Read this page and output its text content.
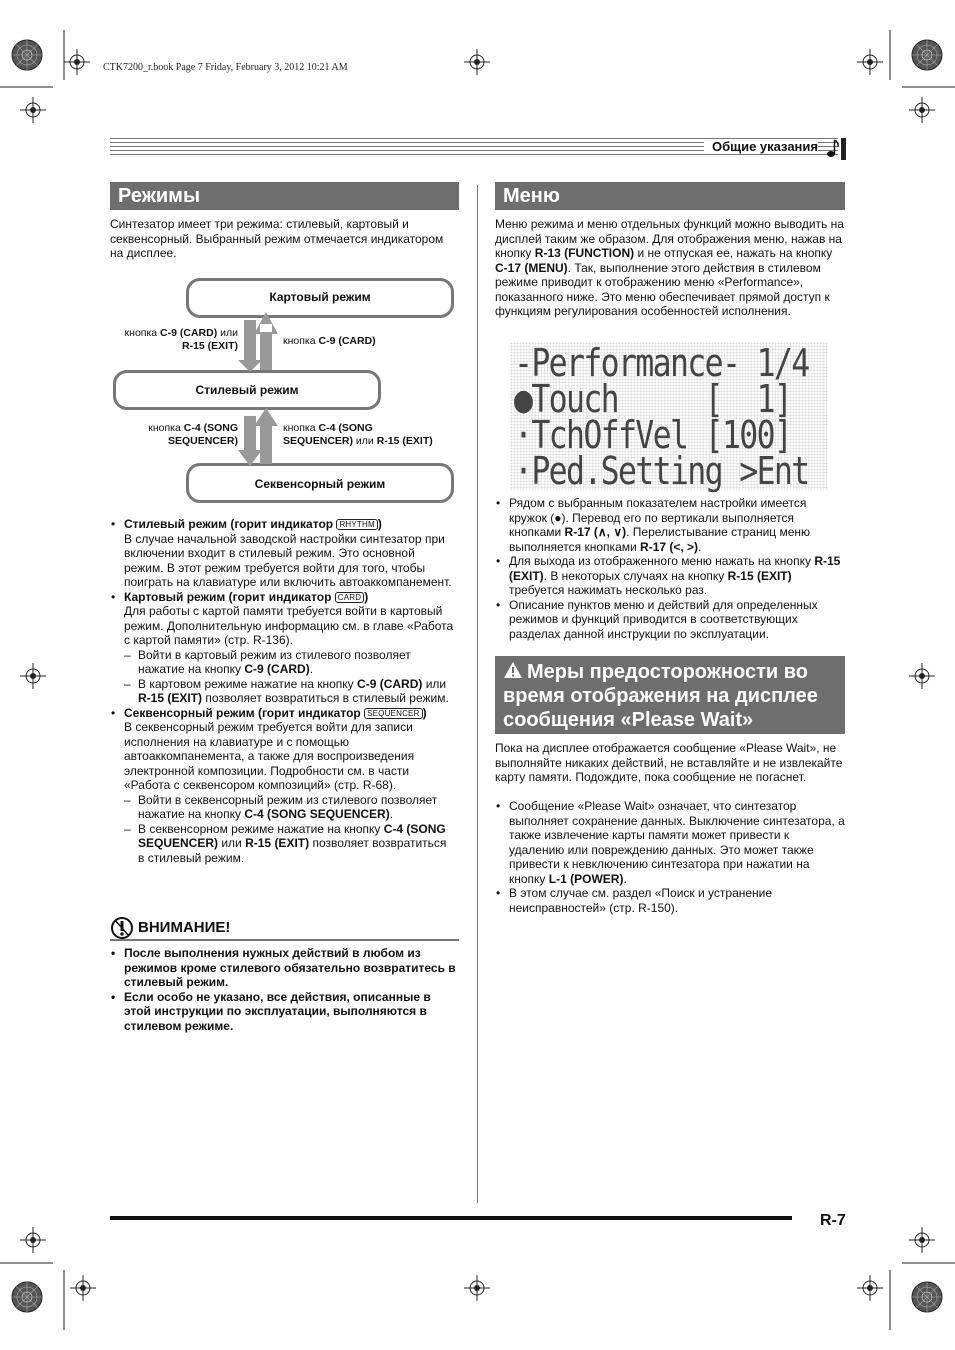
CTK7200_r.book Page 7 Friday, February 3, 2012 10:21 AM
Общие указания
Режимы
Синтезатор имеет три режима: стилевый, картовый и секвенсорный. Выбранный режим отмечается индикатором на дисплее.
Картовый режим
Стилевый режим
Секвенсорный режим
кнопка C-9 (CARD) или
R-15 (EXIT)	кнопка C-9 (CARD)
кнопка C-4 (SONG
SEQUENCER)
кнопка C-4 (SONG
SEQUENCER) или R-15 (EXIT)
• Стилевый режим (горит индикатор RHYTHM )
В случае начальной заводской настройки синтезатор при включении входит в стилевый режим. Это основной режим. В этот режим требуется войти для того, чтобы поиграть на клавиатуре или включить автоаккомпанемент.
• Картовый режим (горит индикатор CARD )
Для работы с картой памяти требуется войти в картовый режим. Дополнительную информацию см. в главе «Работа с картой памяти» (стр. R-136).
– Войти в картовый режим из стилевого позволяет нажатие на кнопку C-9 (CARD).
– В картовом режиме нажатие на кнопку C-9 (CARD) или R-15 (EXIT) позволяет возвратиться в стилевый режим.
• Секвенсорный режим (горит индикатор SEQUENCER )
В секвенсорный режим требуется войти для записи исполнения на клавиатуре и с помощью автоаккомпанемента, а также для воспроизведения электронной композиции. Подробности см. в части «Работа с секвенсором композиций» (стр. R-68).
– Войти в секвенсорный режим из стилевого позволяет нажатие на кнопку C-4 (SONG SEQUENCER).
– В секвенсорном режиме нажатие на кнопку C-4 (SONG SEQUENCER) или R-15 (EXIT) позволяет возвратиться в стилевый режим.
ВНИМАНИЕ!
• После выполнения нужных действий в любом из режимов кроме стилевого обязательно возвратитесь в стилевый режим.
• Если особо не указано, все действия, описанные в этой инструкции по эксплуатации, выполняются в стилевом режиме.
Меню
Меню режима и меню отдельных функций можно выводить на дисплей таким же образом. Для отображения меню, нажав на кнопку R-13 (FUNCTION) и не отпуская ее, нажать на кнопку C-17 (MENU). Так, выполнение этого действия в стилевом режиме приводит к отображению меню «Performance», показанного ниже. Это меню обеспечивает прямой доступ к функциям регулирования особенностей исполнения.
-Performance- 1/4
●Touch     [  1]
·TchOffVel [100]
·Ped.Setting >Ent
• Рядом с выбранным показателем настройки имеется кружок (●). Перевод его по вертикали выполняется кнопками R-17 (∧, ∨). Перелистывание страниц меню выполняется кнопками R-17 (<, >).
• Для выхода из отображенного меню нажать на кнопку R-15 (EXIT). В некоторых случаях на кнопку R-15 (EXIT) требуется нажимать несколько раз.
• Описание пунктов меню и действий для определенных режимов и функций приводится в соответствующих разделах данной инструкции по эксплуатации.
Меры предосторожности во время отображения на дисплее сообщения «Please Wait»
Пока на дисплее отображается сообщение «Please Wait», не выполняйте никаких действий, не вставляйте и не извлекайте карту памяти. Подождите, пока сообщение не погаснет.
• Сообщение «Please Wait» означает, что синтезатор выполняет сохранение данных. Выключение синтезатора, а также извлечение карты памяти может привести к удалению или повреждению данных. Это может также привести к невключению синтезатора при нажатии на кнопку L-1 (POWER).
• В этом случае см. раздел «Поиск и устранение неисправностей» (стр. R-150).
R-7
